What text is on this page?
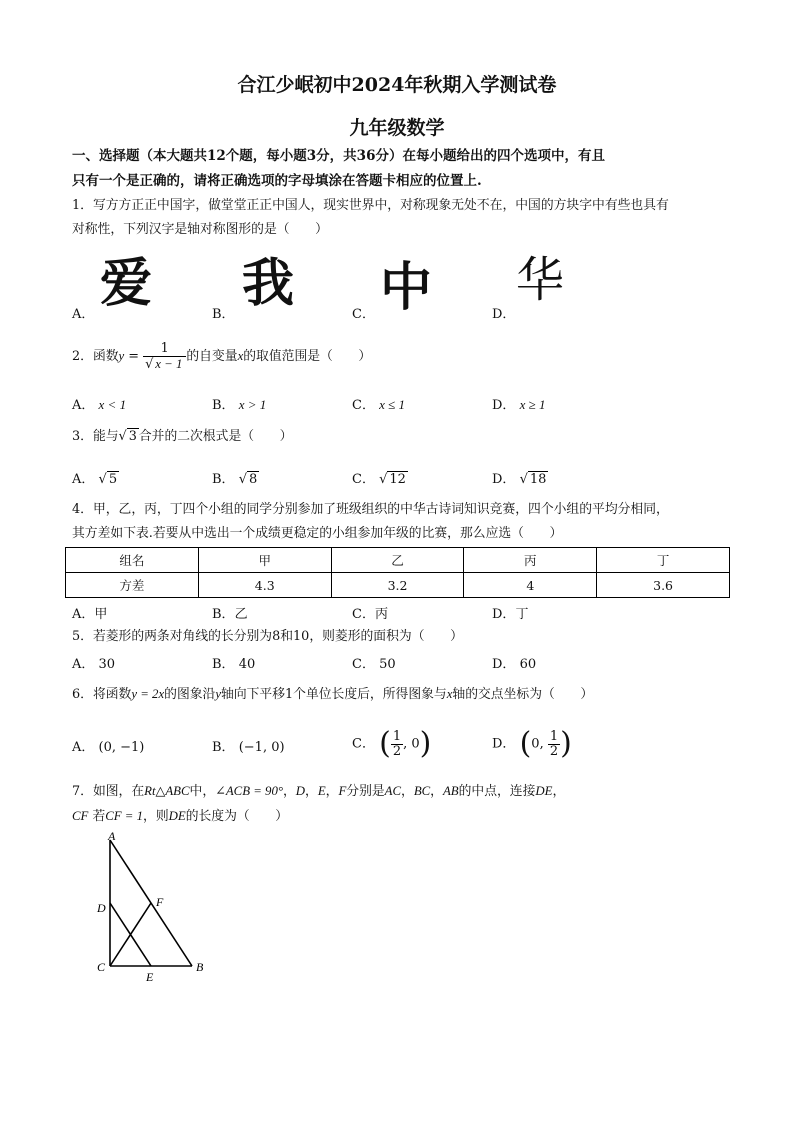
合江少岷初中2024年秋期入学测试卷
九年级数学
一、选择题（本大题共12个题，每小题3分，共36分）在每小题给出的四个选项中，有且
只有一个是正确的，请将正确选项的字母填涂在答题卡相应的位置上.
1．写方方正正中国字，做堂堂正正中国人，现实世界中，对称现象无处不在，中国的方块字中有些也具有
对称性，下列汉字是轴对称图形的是（　　）
A．
爱
B．
我
C． 中	D．
华
2．函数$y = \frac{1}{√ x - 1}$ 的自变量x的取值范围是（　　）
A． x < 1	B． x > 1	C． x ≤ 1	D． x ≥ 1
3．能与√ 3 合并的二次根式是（　　）
A． √ 5	B． √ 8	C． √ 12	D． √ 18
4．甲，乙，丙，丁四个小组的同学分别参加了班级组织的中华古诗词知识竞赛，四个小组的平均分相同，
其方差如下表.若要从中选出一个成绩更稳定的小组参加年级的比赛，那么应选（　　）
组名	甲	乙	丙	丁
方差	4.3	3.2	4	3.6
A．甲	B．乙	C．丙	D．丁
5．若菱形的两条对角线的长分别为8和10，则菱形的面积为（　　）
A． 30	B． 40	C． 50	D． 60
6．将函数y = 2x的图象沿y轴向下平移1个单位长度后，所得图象与x轴的交点坐标为（　　）
A． (0, −1)	B． (−1, 0)	C． ( $\frac{1}{2}$ , 0)	D． (0, $\frac{1}{2}$ )
7．如图，在Rt△ABC中，∠ACB = 90°，D，E，F分别是AC，BC，AB的中点，连接DE，
CF 若CF = 1，则DE的长度为（　　）
A
B
C
D
E
F
